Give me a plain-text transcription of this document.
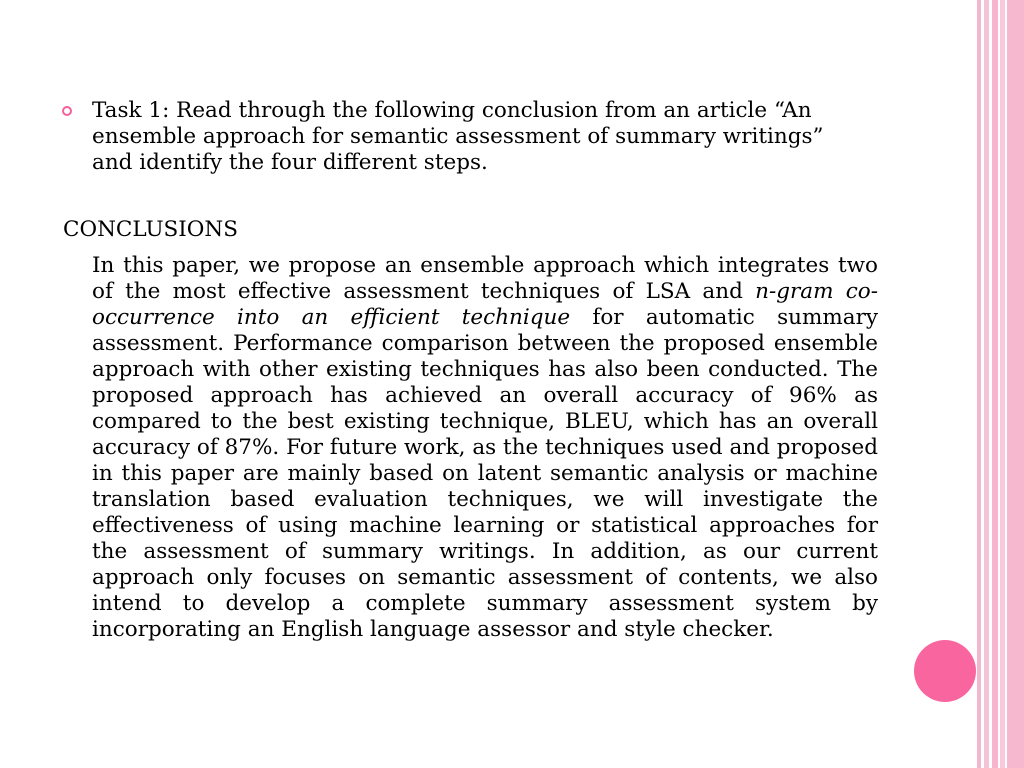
Task 1: Read through the following conclusion from an article “An ensemble approach for semantic assessment of summary writings” and identify the four different steps.
CONCLUSIONS
In this paper, we propose an ensemble approach which integrates two of the most effective assessment techniques of LSA and n-gram co-occurrence into an efficient technique for automatic summary assessment. Performance comparison between the proposed ensemble approach with other existing techniques has also been conducted. The proposed approach has achieved an overall accuracy of 96% as compared to the best existing technique, BLEU, which has an overall accuracy of 87%. For future work, as the techniques used and proposed in this paper are mainly based on latent semantic analysis or machine translation based evaluation techniques, we will investigate the effectiveness of using machine learning or statistical approaches for the assessment of summary writings. In addition, as our current approach only focuses on semantic assessment of contents, we also intend to develop a complete summary assessment system by incorporating an English language assessor and style checker.
